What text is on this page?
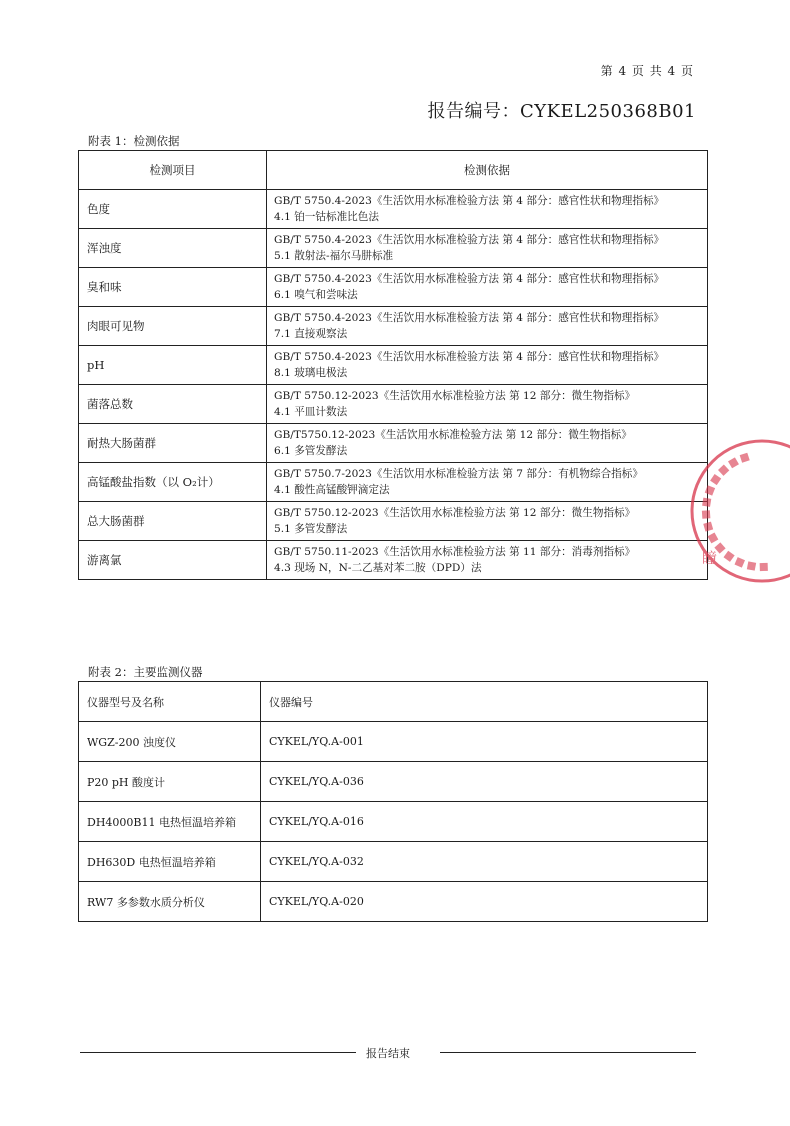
第 4 页 共 4 页
报告编号：CYKEL250368B01
附表 1：检测依据
检测项目	检测依据
色度	GB/T 5750.4-2023《生活饮用水标准检验方法 第 4 部分：感官性状和物理指标》
4.1 铂一钴标准比色法

浑浊度	GB/T 5750.4-2023《生活饮用水标准检验方法 第 4 部分：感官性状和物理指标》
5.1 散射法-福尔马肼标准

臭和味	GB/T 5750.4-2023《生活饮用水标准检验方法 第 4 部分：感官性状和物理指标》
6.1 嗅气和尝味法

肉眼可见物	GB/T 5750.4-2023《生活饮用水标准检验方法 第 4 部分：感官性状和物理指标》
7.1 直接观察法

pH	GB/T 5750.4-2023《生活饮用水标准检验方法 第 4 部分：感官性状和物理指标》
8.1 玻璃电极法

菌落总数	GB/T 5750.12-2023《生活饮用水标准检验方法 第 12 部分：微生物指标》
4.1 平皿计数法

耐热大肠菌群	GB/T5750.12-2023《生活饮用水标准检验方法 第 12 部分：微生物指标》
6.1 多管发酵法

高锰酸盐指数（以 O₂计）	GB/T 5750.7-2023《生活饮用水标准检验方法 第 7 部分：有机物综合指标》
4.1 酸性高锰酸钾滴定法

总大肠菌群	GB/T 5750.12-2023《生活饮用水标准检验方法 第 12 部分：微生物指标》
5.1 多管发酵法

游离氯	GB/T 5750.11-2023《生活饮用水标准检验方法 第 11 部分：消毒剂指标》
4.3 现场 N，N-二乙基对苯二胺（DPD）法
瞳
附表 2：主要监测仪器
仪器型号及名称	仪器编号
WGZ-200 浊度仪	CYKEL/YQ.A-001
P20 pH 酸度计	CYKEL/YQ.A-036
DH4000B11 电热恒温培养箱	CYKEL/YQ.A-016
DH630D 电热恒温培养箱	CYKEL/YQ.A-032
RW7 多参数水质分析仪	CYKEL/YQ.A-020
报告结束
